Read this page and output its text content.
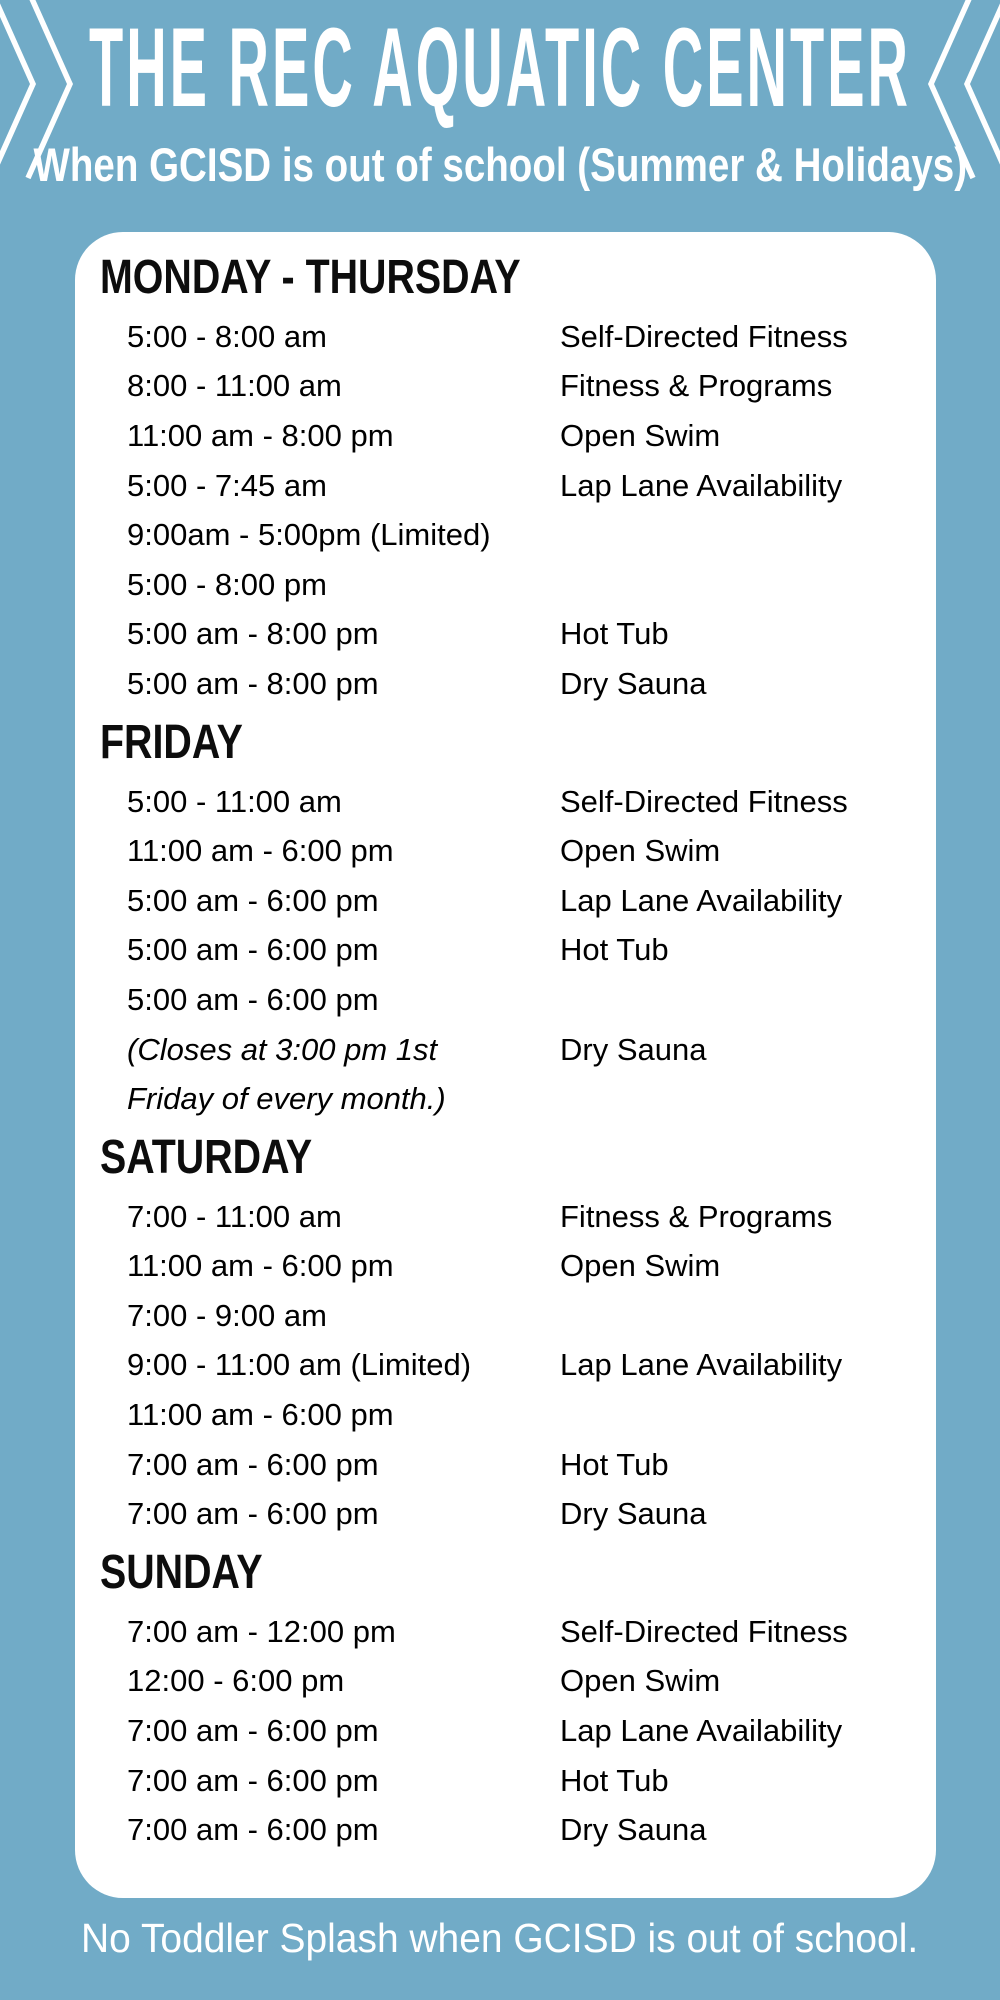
THE REC AQUATIC CENTER
When GCISD is out of school (Summer & Holidays)
MONDAY - THURSDAY
5:00 - 8:00 am	Self-Directed Fitness
8:00 - 11:00 am	Fitness & Programs
11:00 am - 8:00 pm	Open Swim
5:00 - 7:45 am	Lap Lane Availability
9:00am - 5:00pm (Limited)
5:00 - 8:00 pm
5:00 am - 8:00 pm	Hot Tub
5:00 am - 8:00 pm	Dry Sauna
FRIDAY
5:00 - 11:00 am	Self-Directed Fitness
11:00 am - 6:00 pm	Open Swim
5:00 am - 6:00 pm	Lap Lane Availability
5:00 am - 6:00 pm	Hot Tub
5:00 am - 6:00 pm
(Closes at 3:00 pm 1st	Dry Sauna
Friday of every month.)
SATURDAY
7:00 - 11:00 am	Fitness & Programs
11:00 am - 6:00 pm	Open Swim
7:00 - 9:00 am
9:00 - 11:00 am (Limited)	Lap Lane Availability
11:00 am - 6:00 pm
7:00 am - 6:00 pm	Hot Tub
7:00 am - 6:00 pm	Dry Sauna
SUNDAY
7:00 am - 12:00 pm	Self-Directed Fitness
12:00 - 6:00 pm	Open Swim
7:00 am - 6:00 pm	Lap Lane Availability
7:00 am - 6:00 pm	Hot Tub
7:00 am - 6:00 pm	Dry Sauna
No Toddler Splash when GCISD is out of school.
